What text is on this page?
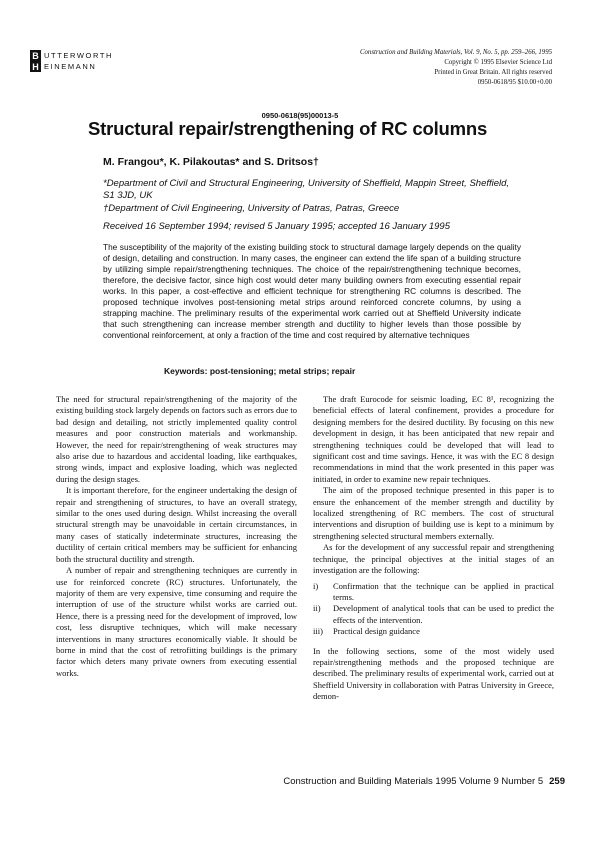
B UTTERWORTH
H EINEMANN
Construction and Building Materials, Vol. 9, No. 5, pp. 259–266, 1995
Copyright © 1995 Elsevier Science Ltd
Printed in Great Britain. All rights reserved
0950-0618/95 $10.00+0.00
0950-0618(95)00013-5
Structural repair/strengthening of RC columns
M. Frangou*, K. Pilakoutas* and S. Dritsos†
*Department of Civil and Structural Engineering, University of Sheffield, Mappin Street, Sheffield, S1 3JD, UK
†Department of Civil Engineering, University of Patras, Patras, Greece
Received 16 September 1994; revised 5 January 1995; accepted 16 January 1995
The susceptibility of the majority of the existing building stock to structural damage largely depends on the quality of design, detailing and construction. In many cases, the engineer can extend the life span of a building structure by utilizing simple repair/strengthening techniques. The choice of the repair/strengthening technique becomes, therefore, the decisive factor, since high cost would deter many building owners from executing essential repair works. In this paper, a cost-effective and efficient technique for strengthening RC columns is described. The proposed technique involves post-tensioning metal strips around reinforced concrete columns, by using a strapping machine. The preliminary results of the experimental work carried out at Sheffield University indicate that such strengthening can increase member strength and ductility to higher levels than those possible by conventional reinforcement, at only a fraction of the time and cost required by alternative techniques
Keywords: post-tensioning; metal strips; repair

The need for structural repair/strengthening of the majority of the existing building stock largely depends on factors such as errors due to bad design and detailing, not strictly implemented quality control measures and poor construction materials and workmanship. However, the need for repair/strengthening of weak structures may also arise due to hazardous and accidental loading, like earthquakes, strong winds, impact and explosive loading, which was neglected during the design stages.

It is important therefore, for the engineer undertaking the design of repair and strengthening of structures, to have an overall strategy, similar to the ones used during design. Whilst increasing the overall structural strength may be unavoidable in certain circumstances, in many cases of statically indeterminate structures, increasing the ductility of certain critical members may be sufficient for enhancing both the structural ductility and strength.

A number of repair and strengthening techniques are currently in use for reinforced concrete (RC) structures. Unfortunately, the majority of them are very expensive, time consuming and require the interruption of use of the structure whilst works are carried out. Hence, there is a pressing need for the development of improved, low cost, less disruptive techniques, which will make necessary interventions in many structures economically viable. It should be borne in mind that the cost of retrofitting buildings is the primary factor which deters many private owners from executing essential works.

The draft Eurocode for seismic loading, EC 8¹, recognizing the beneficial effects of lateral confinement, provides a procedure for designing members for the desired ductility. By focusing on this new development in design, it has been anticipated that new repair and strengthening techniques could be developed that will lead to significant cost and time savings. Hence, it was with the EC 8 design recommendations in mind that the work presented in this paper was initiated, in order to examine new repair techniques.

The aim of the proposed technique presented in this paper is to ensure the enhancement of the member strength and ductility by localized strengthening of RC members. The cost of structural interventions and disruption of building use is kept to a minimum by strengthening selected structural members externally.

As for the development of any successful repair and strengthening technique, the principal objectives at the initial stages of an investigation are the following:

i)	Confirmation that the technique can be applied in practical terms.
ii)	Development of analytical tools that can be used to predict the effects of the intervention.
iii)	Practical design guidance

In the following sections, some of the most widely used repair/strengthening methods and the proposed technique are described. The preliminary results of experimental work, carried out at Sheffield University in collaboration with Patras University in Greece, demon-

Construction and Building Materials 1995 Volume 9 Number 5 259
